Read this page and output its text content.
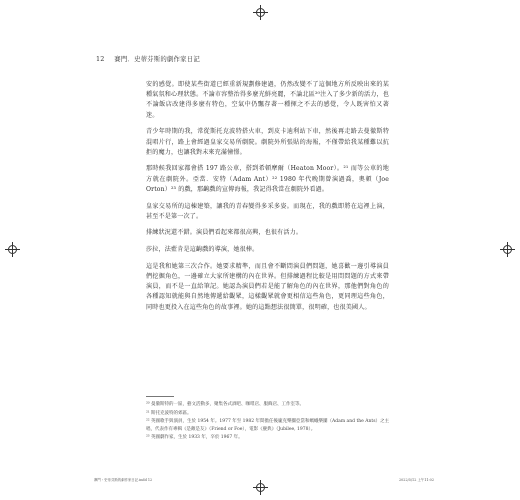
12 賽門．史蒂芬斯的劇作家日記

安的感覺。即使某些街道已經重新規劃修建過，仍然改變不了這個地方所反映出來的某種氣氛和心理狀態。不論市容整治得多麼光鮮亮麗，不論北區²⁰注入了多少新的活力，也不論飯店改建得多麼有特色，空氣中仍飄存著一種揮之不去的感覺，令人既害怕又著迷。

青少年時期的我，常從斯托克波特搭火車，到皮卡迪利站下車，然後再走路去曼徹斯特混唱片行，路上會經過皇家交易所劇院。劇院外所張貼的海報，不僅帶給我某種難以抗拒的魔力，也讓我對未來充滿憧憬。

那時候我回家都會搭 197 路公車，搭到希頓摩爾（Heaton Moor）。²¹ 而等公車的地方就在劇院外。亞當．安特（Adam Ant）²² 1980 年代晚期曾演過喬，奧頓（Joe Orton）²³ 的戲，那齣戲的宣傳海報，我記得我當在劇院外看過。

皇家交易所的這棟建築，讓我的青春變得多采多姿。而現在，我的戲即將在這裡上演，甚至不是第一次了。

排練狀況還不錯。演員們看起來都很高興，也很有活力。

莎拉，法藍肯是這齣戲的導演，她很棒。

這是我和她第三次合作。她要求精準，而且會不斷問演員們問題，她喜歡一邊引導演員們挖掘角色，一邊確立大家所建構的內在世界。但排練過程比較是用問問題的方式來帶演員，而不是一直給筆記。她認為演員們若是能了解角色的內在世界，那他們對角色的各種認知就能與自然地傳遞給觀眾，這樣觀眾就會更相信這些角色，更同理這些角色，同時也更投入在這些角色的故事裡。她的這點想法很簡單，很明確，也很美國人。

²⁰ 曼徹斯特的一區，藝文活動多，聚集各式酒吧、咖啡店、服飾店、工作室等。

²¹ 斯托克波特的郊區。

²² 英國歌手與演員，生於 1954 年。1977 年至 1982 年間擔任後龐克樂團亞當和螞蟻樂團（Adam and the Ants）之主唱，代表作有專輯《是敵是友》（Friend or Foe），電影《慶典》（Jubilee, 1978）。

²³ 英國劇作家，生於 1933 年，卒於 1967 年。

賽門・史蒂芬斯的劇作家日記.indd 12	2022/5/12 上午11:02
